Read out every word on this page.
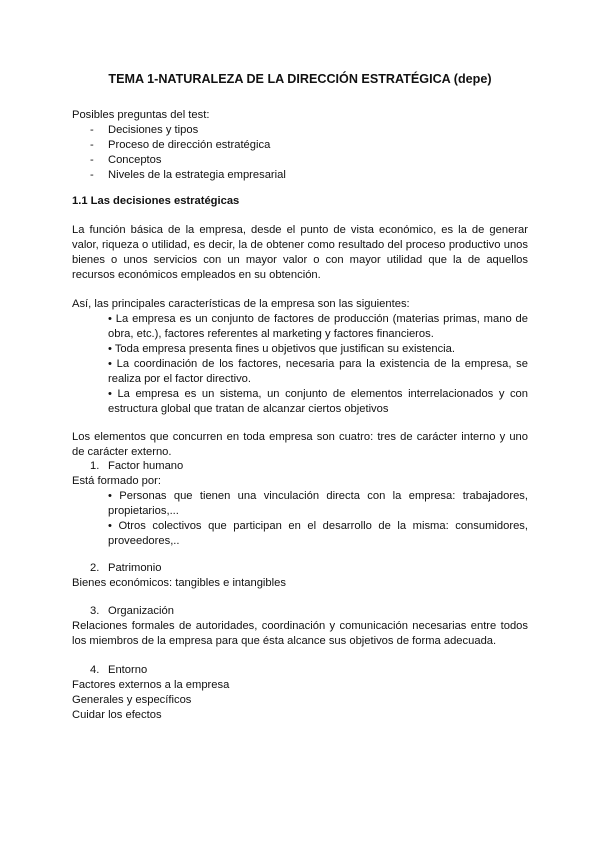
TEMA 1-NATURALEZA DE LA DIRECCIÓN ESTRATÉGICA (depe)
Posibles preguntas del test:
- Decisiones y tipos
- Proceso de dirección estratégica
- Conceptos
- Niveles de la estrategia empresarial
1.1 Las decisiones estratégicas
La función básica de la empresa, desde el punto de vista económico, es la de generar valor, riqueza o utilidad, es decir, la de obtener como resultado del proceso productivo unos bienes o unos servicios con un mayor valor o con mayor utilidad que la de aquellos recursos económicos empleados en su obtención.
Así, las principales características de la empresa son las siguientes:
• La empresa es un conjunto de factores de producción (materias primas, mano de obra, etc.), factores referentes al marketing y factores financieros.
• Toda empresa presenta fines u objetivos que justifican su existencia.
• La coordinación de los factores, necesaria para la existencia de la empresa, se realiza por el factor directivo.
• La empresa es un sistema, un conjunto de elementos interrelacionados y con estructura global que tratan de alcanzar ciertos objetivos
Los elementos que concurren en toda empresa son cuatro: tres de carácter interno y uno de carácter externo.
1. Factor humano
Está formado por:
• Personas que tienen una vinculación directa con la empresa: trabajadores, propietarios,...
• Otros colectivos que participan en el desarrollo de la misma: consumidores, proveedores,..
2. Patrimonio
Bienes económicos: tangibles e intangibles
3. Organización
Relaciones formales de autoridades, coordinación y comunicación necesarias entre todos los miembros de la empresa para que ésta alcance sus objetivos de forma adecuada.
4. Entorno
Factores externos a la empresa
Generales y específicos
Cuidar los efectos
